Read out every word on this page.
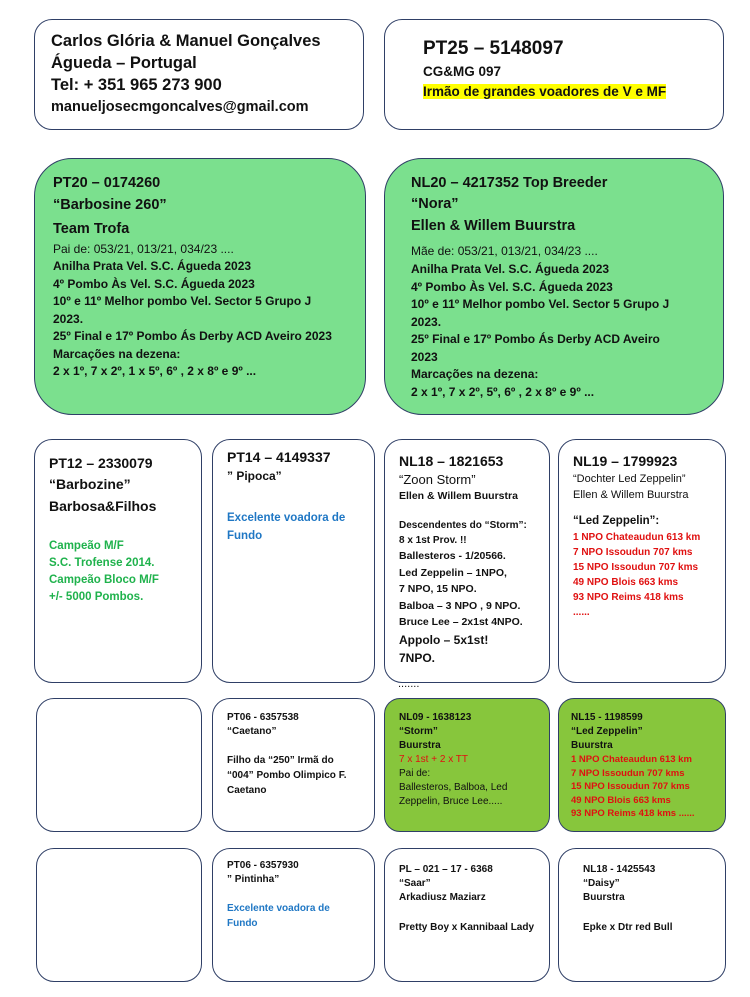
Carlos Glória & Manuel Gonçalves
Águeda – Portugal
Tel: + 351 965 273 900
manueljosecmgoncalves@gmail.com
PT25 – 5148097
CG&MG 097
Irmão de grandes voadores de V e MF
PT20 – 0174260
“Barbosine 260”
Team Trofa
Pai de: 053/21, 013/21, 034/23 ....
Anilha Prata Vel. S.C. Águeda 2023
4º Pombo Às Vel. S.C. Águeda 2023
10º e 11º Melhor pombo Vel. Sector 5 Grupo J
2023.
25º Final e 17º Pombo Ás Derby ACD Aveiro 2023
Marcações na dezena:
2 x 1º, 7 x 2º, 1 x 5º, 6º , 2 x 8º e 9º ...
NL20 – 4217352 Top Breeder
“Nora”
Ellen & Willem Buurstra
Mãe de: 053/21, 013/21, 034/23 ....
Anilha Prata Vel. S.C. Águeda 2023
4º Pombo Às Vel. S.C. Águeda 2023
10º e 11º Melhor pombo Vel. Sector 5 Grupo J
2023.
25º Final e 17º Pombo Ás Derby ACD Aveiro
2023
Marcações na dezena:
2 x 1º, 7 x 2º, 5º, 6º , 2 x 8º e 9º ...
PT12 – 2330079
“Barbozine”
Barbosa&Filhos
Campeão M/F
S.C. Trofense 2014.
Campeão Bloco M/F
+/- 5000 Pombos.
PT14 – 4149337
” Pipoca”
Excelente voadora de
Fundo
NL18 – 1821653
“Zoon Storm”
Ellen & Willem Buurstra
Descendentes do “Storm”:
8 x 1st Prov. !!
Ballesteros - 1/20566.
Led Zeppelin – 1NPO,
7 NPO, 15 NPO.
Balboa – 3 NPO , 9 NPO.
Bruce Lee – 2x1st 4NPO.
Appolo – 5x1st!
7NPO.
.......
NL19 – 1799923
“Dochter Led Zeppelin”
Ellen & Willem Buurstra
“Led Zeppelin”:
1 NPO Chateaudun 613 km
7 NPO Issoudun 707 kms
15 NPO Issoudun 707 kms
49 NPO Blois 663 kms
93 NPO Reims 418 kms
......
PT06 - 6357538
“Caetano”
Filho da “250” Irmã do
“004” Pombo Olimpico F.
Caetano
NL09 - 1638123
“Storm”
Buurstra
7 x 1st + 2 x TT
Pai de:
Ballesteros, Balboa, Led
Zeppelin, Bruce Lee.....
NL15 - 1198599
“Led Zeppelin”
Buurstra
1 NPO Chateaudun 613 km
7 NPO Issoudun 707 kms
15 NPO Issoudun 707 kms
49 NPO Blois 663 kms
93 NPO Reims 418 kms ......
PT06 - 6357930
” Pintinha”
Excelente voadora de
Fundo
PL – 021 – 17 - 6368
“Saar”
Arkadiusz Maziarz
Pretty Boy x Kannibaal Lady
NL18 - 1425543
“Daisy”
Buurstra
Epke x Dtr red Bull
